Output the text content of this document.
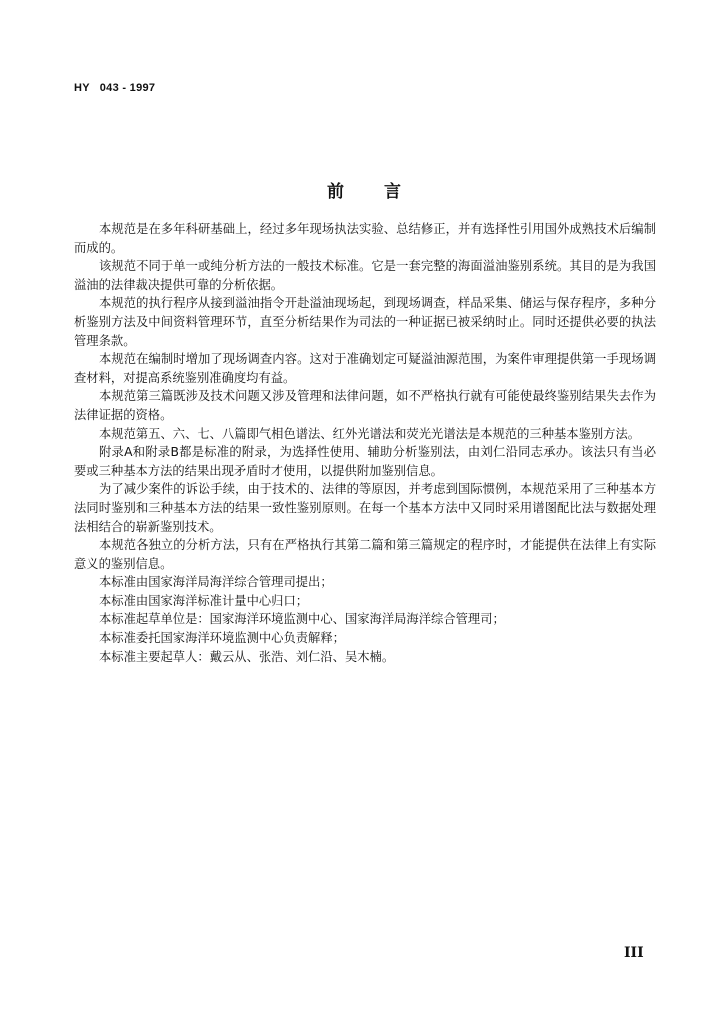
HY   043 - 1997
前言

本规范是在多年科研基础上，经过多年现场执法实验、总结修正，并有选择性引用国外成熟技术后编制而成的。

该规范不同于单一或纯分析方法的一般技术标准。它是一套完整的海面溢油鉴别系统。其目的是为我国溢油的法律裁决提供可靠的分析依据。

本规范的执行程序从接到溢油指令开赴溢油现场起，到现场调查，样品采集、储运与保存程序，多种分析鉴别方法及中间资料管理环节，直至分析结果作为司法的一种证据已被采纳时止。同时还提供必要的执法管理条款。

本规范在编制时增加了现场调查内容。这对于准确划定可疑溢油源范围，为案件审理提供第一手现场调查材料，对提高系统鉴别准确度均有益。

本规范第三篇既涉及技术问题又涉及管理和法律问题，如不严格执行就有可能使最终鉴别结果失去作为法律证据的资格。

本规范第五、六、七、八篇即气相色谱法、红外光谱法和荧光光谱法是本规范的三种基本鉴别方法。

附录A和附录B都是标准的附录，为选择性使用、辅助分析鉴别法，由刘仁沿同志承办。该法只有当必要或三种基本方法的结果出现矛盾时才使用，以提供附加鉴别信息。

为了减少案件的诉讼手续，由于技术的、法律的等原因，并考虑到国际惯例，本规范采用了三种基本方法同时鉴别和三种基本方法的结果一致性鉴别原则。在每一个基本方法中又同时采用谱图配比法与数据处理法相结合的崭新鉴别技术。

本规范各独立的分析方法，只有在严格执行其第二篇和第三篇规定的程序时，才能提供在法律上有实际意义的鉴别信息。

本标准由国家海洋局海洋综合管理司提出；

本标准由国家海洋标准计量中心归口；

本标准起草单位是：国家海洋环境监测中心、国家海洋局海洋综合管理司；

本标准委托国家海洋环境监测中心负责解释；

本标准主要起草人：戴云从、张浩、刘仁沿、吴木楠。

III
